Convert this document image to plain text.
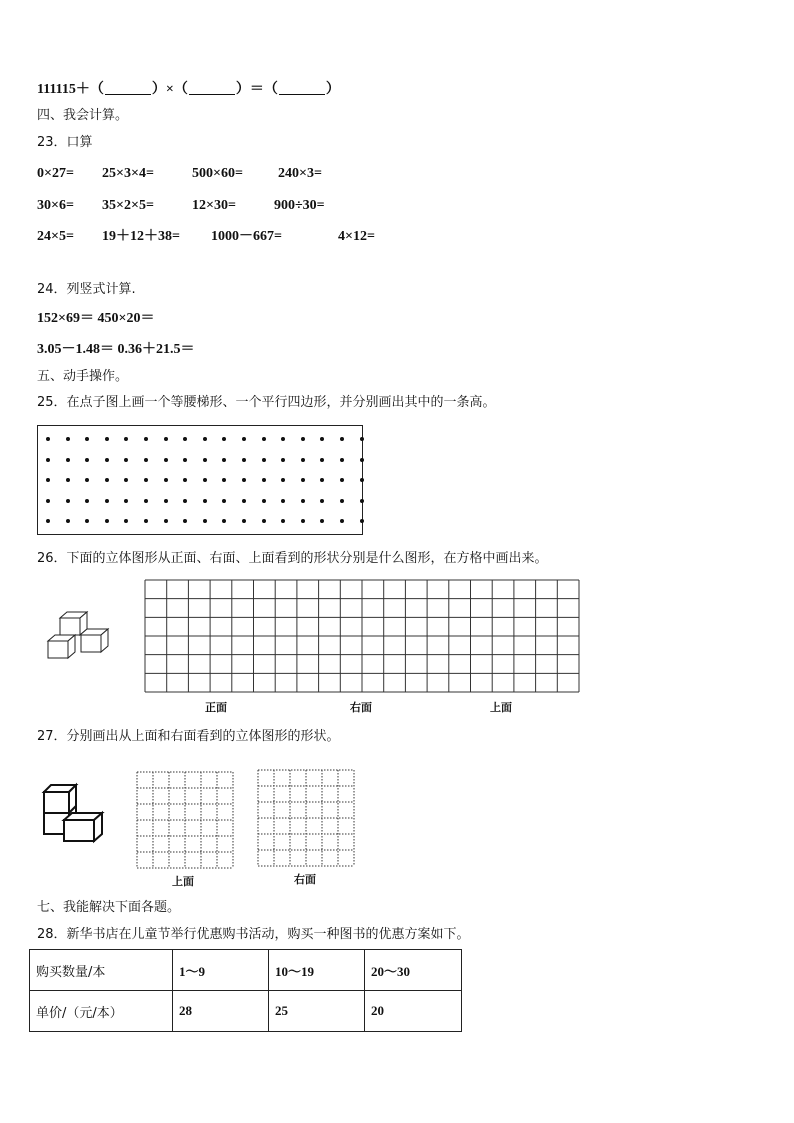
111115＋（	）×（	）＝（	）
四、我会计算。
23．口算
0×27= 25×3×4=	500×60=	240×3=
30×6= 35×2×5=	12×30=	900÷30=
24×5= 19＋12＋38= 1000－667=	4×12=
24．列竖式计算.
152×69＝ 450×20＝
3.05－1.48＝ 0.36＋21.5＝
五、动手操作。
25．在点子图上画一个等腰梯形、一个平行四边形，并分别画出其中的一条高。
26．下面的立体图形从正面、右面、上面看到的形状分别是什么图形，在方格中画出来。
正面	右面	上面
27．分别画出从上面和右面看到的立体图形的形状。
上面	右面
七、我能解决下面各题。
28．新华书店在儿童节举行优惠购书活动，购买一种图书的优惠方案如下。
购买数量/本	1～9	10～19	20～30
单价/（元/本）	28	25	20
